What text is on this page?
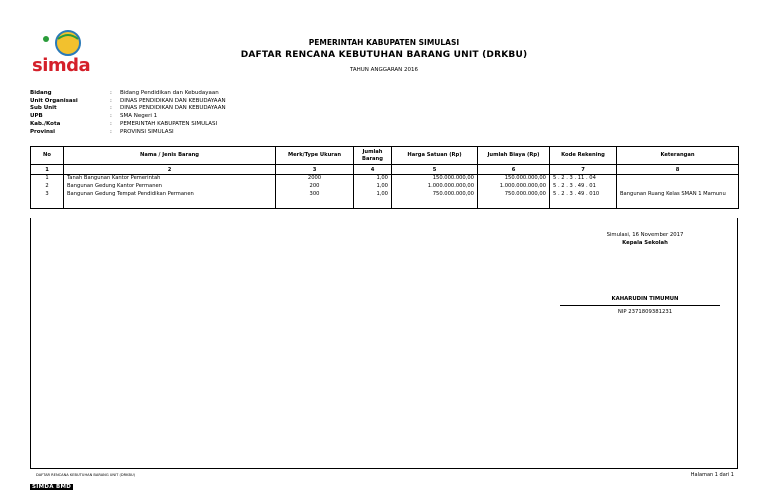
simda
PEMERINTAH KABUPATEN SIMULASI
DAFTAR RENCANA KEBUTUHAN BARANG UNIT (DRKBU)
TAHUN ANGGARAN 2016
Bidang	:	Bidang Pendidikan dan Kebudayaan
Unit Organisasi	:	DINAS PENDIDIKAN DAN KEBUDAYAAN
Sub Unit	:	DINAS PENDIDIKAN DAN KEBUDAYAAN
UPB	:	SMA Negeri 1
Kab./Kota	:	PEMERINTAH KABUPATEN SIMULASI
Provinsi	:	PROVINSI SIMULASI
No	Nama / Jenis Barang	Merk/Type Ukuran	Jumlah Barang	Harga Satuan (Rp)	Jumlah Biaya (Rp)	Kode Rekening	Keterangan
1	2	3	4	5	6	7	8
1	Tanah Bangunan Kantor Pemerintah	2000	1,00	150.000.000,00	150.000.000,00	5 . 2 . 3 . 11 . 04	
2	Bangunan Gedung Kantor Permanen	200	1,00	1.000.000.000,00	1.000.000.000,00	5 . 2 . 3 . 49 . 01	
3	Bangunan Gedung Tempat Pendidikan Permanen	300	1,00	750.000.000,00	750.000.000,00	5 . 2 . 3 . 49 . 010	Bangunan Ruang Kelas SMAN 1 Mamunu

Simulasi, 16 November 2017
Kepala Sekolah
KAHARUDIN TIMUMUN
NIP 2371809381231
DAFTAR RENCANA KEBUTUHAN BARANG UNIT (DRKBU)	Halaman 1 dari 1
SIMDA BMD
